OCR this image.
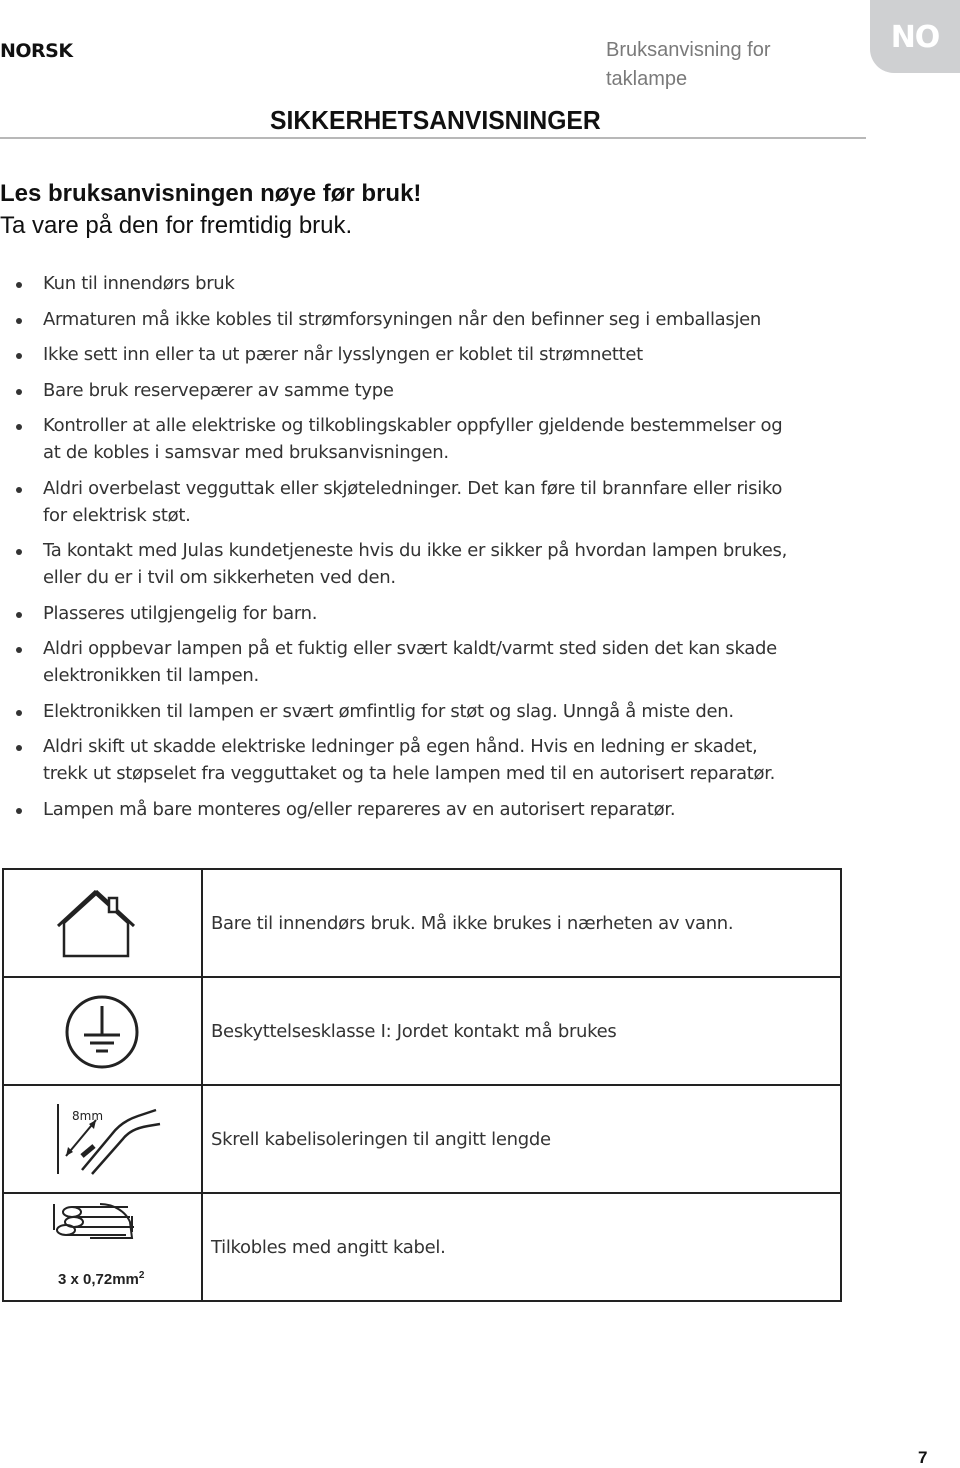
NORSK	Bruksanvisning for taklampe
NO
SIKKERHETSANVISNINGER
Les bruksanvisningen nøye før bruk!
Ta vare på den for fremtidig bruk.
Kun til innendørs bruk
Armaturen må ikke kobles til strømforsyningen når den befinner seg i emballasjen
Ikke sett inn eller ta ut pærer når lysslyngen er koblet til strømnettet
Bare bruk reservepærer av samme type
Kontroller at alle elektriske og tilkoblingskabler oppfyller gjeldende bestemmelser og at de kobles i samsvar med bruksanvisningen.
Aldri overbelast vegguttak eller skjøteledninger. Det kan føre til brannfare eller risiko for elektrisk støt.
Ta kontakt med Julas kundetjeneste hvis du ikke er sikker på hvordan lampen brukes, eller du er i tvil om sikkerheten ved den.
Plasseres utilgjengelig for barn.
Aldri oppbevar lampen på et fuktig eller svært kaldt/varmt sted siden det kan skade elektronikken til lampen.
Elektronikken til lampen er svært ømfintlig for støt og slag. Unngå å miste den.
Aldri skift ut skadde elektriske ledninger på egen hånd. Hvis en ledning er skadet, trekk ut støpselet fra vegguttaket og ta hele lampen med til en autorisert reparatør.
Lampen må bare monteres og/eller repareres av en autorisert reparatør.
	Bare til innendørs bruk. Må ikke brukes i nærheten av vann.

	Beskyttelsesklasse I: Jordet kontakt må brukes

8mm	Skrell kabelisoleringen til angitt lengde

3 x $0,72mm^2$	Tilkobles med angitt kabel.
7
